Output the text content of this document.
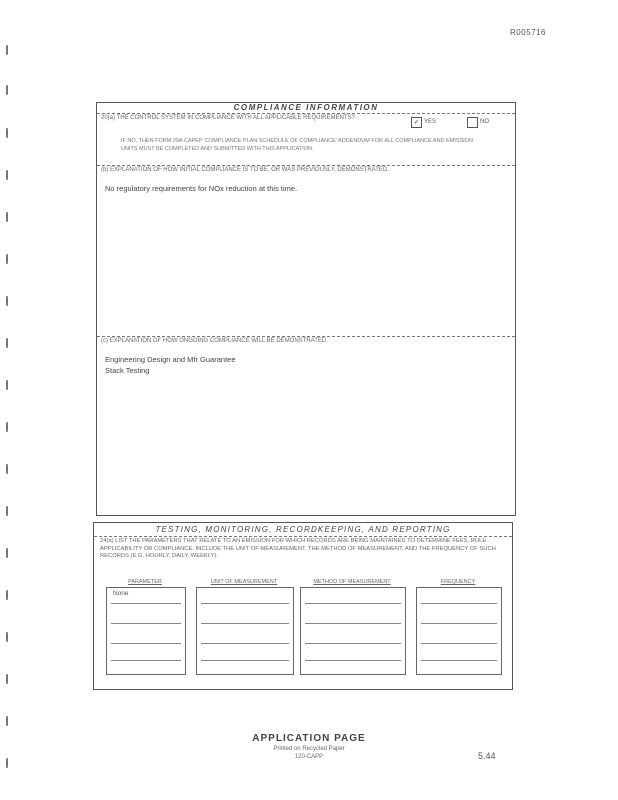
R005716
COMPLIANCE INFORMATION
20(a) THE CONTROL SYSTEM IN COMPLIANCE WITH ALL APPLICABLE REQUIREMENTS?
✓ YES	NO
IF NO, THEN FORM 29A CAPEP 'COMPLIANCE PLAN SCHEDULE OF COMPLIANCE' ADDENDUM FOR ALL COMPLIANCE AND EMISSION UNITS MUST BE COMPLETED AND SUBMITTED WITH THIS APPLICATION.
(b) EXPLANATION OF HOW INITIAL COMPLIANCE IS TO BE, OR WAS PREVIOUSLY, DEMONSTRATED.
No regulatory requirements for NOx reduction at this time.
(c) EXPLANATION OF HOW ONGOING COMPLIANCE WILL BE DEMONSTRATED.
Engineering Design and Mfr Guarantee
Stack Testing
TESTING, MONITORING, RECORDKEEPING, AND REPORTING
24(a) LIST THE PARAMETERS THAT RELATE TO AN EMISSION FOR WHICH RECORDS ARE BEING MAINTAINED TO DETERMINE FEES, RULE APPLICABILITY OR COMPLIANCE. INCLUDE THE UNIT OF MEASUREMENT, THE METHOD OF MEASUREMENT, AND THE FREQUENCY OF SUCH RECORDS (E.G. HOURLY, DAILY, WEEKLY).
PARAMETER	UNIT OF MEASUREMENT	METHOD OF MEASUREMENT	FREQUENCY
None
APPLICATION PAGE
Printed on Recycled Paper
120-CAPP	5.44
